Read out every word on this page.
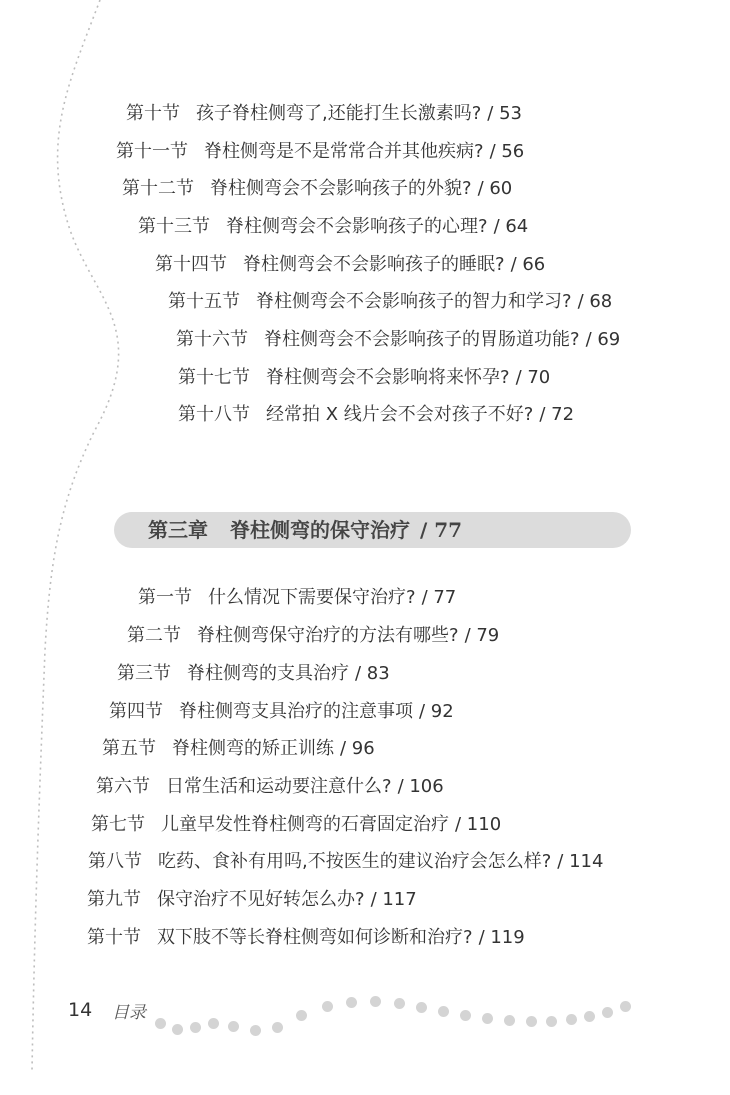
第十节 孩子脊柱侧弯了,还能打生长激素吗? / 53
第十一节 脊柱侧弯是不是常常合并其他疾病? / 56
第十二节 脊柱侧弯会不会影响孩子的外貌? / 60
第十三节 脊柱侧弯会不会影响孩子的心理? / 64
第十四节 脊柱侧弯会不会影响孩子的睡眠? / 66
第十五节 脊柱侧弯会不会影响孩子的智力和学习? / 68
第十六节 脊柱侧弯会不会影响孩子的胃肠道功能? / 69
第十七节 脊柱侧弯会不会影响将来怀孕? / 70
第十八节 经常拍 X 线片会不会对孩子不好? / 72
第三章 脊柱侧弯的保守治疗 / 77
第一节 什么情况下需要保守治疗? / 77
第二节 脊柱侧弯保守治疗的方法有哪些? / 79
第三节 脊柱侧弯的支具治疗 / 83
第四节 脊柱侧弯支具治疗的注意事项 / 92
第五节 脊柱侧弯的矫正训练 / 96
第六节 日常生活和运动要注意什么? / 106
第七节 儿童早发性脊柱侧弯的石膏固定治疗 / 110
第八节 吃药、食补有用吗,不按医生的建议治疗会怎么样? / 114
第九节 保守治疗不见好转怎么办? / 117
第十节 双下肢不等长脊柱侧弯如何诊断和治疗? / 119
14 目录
